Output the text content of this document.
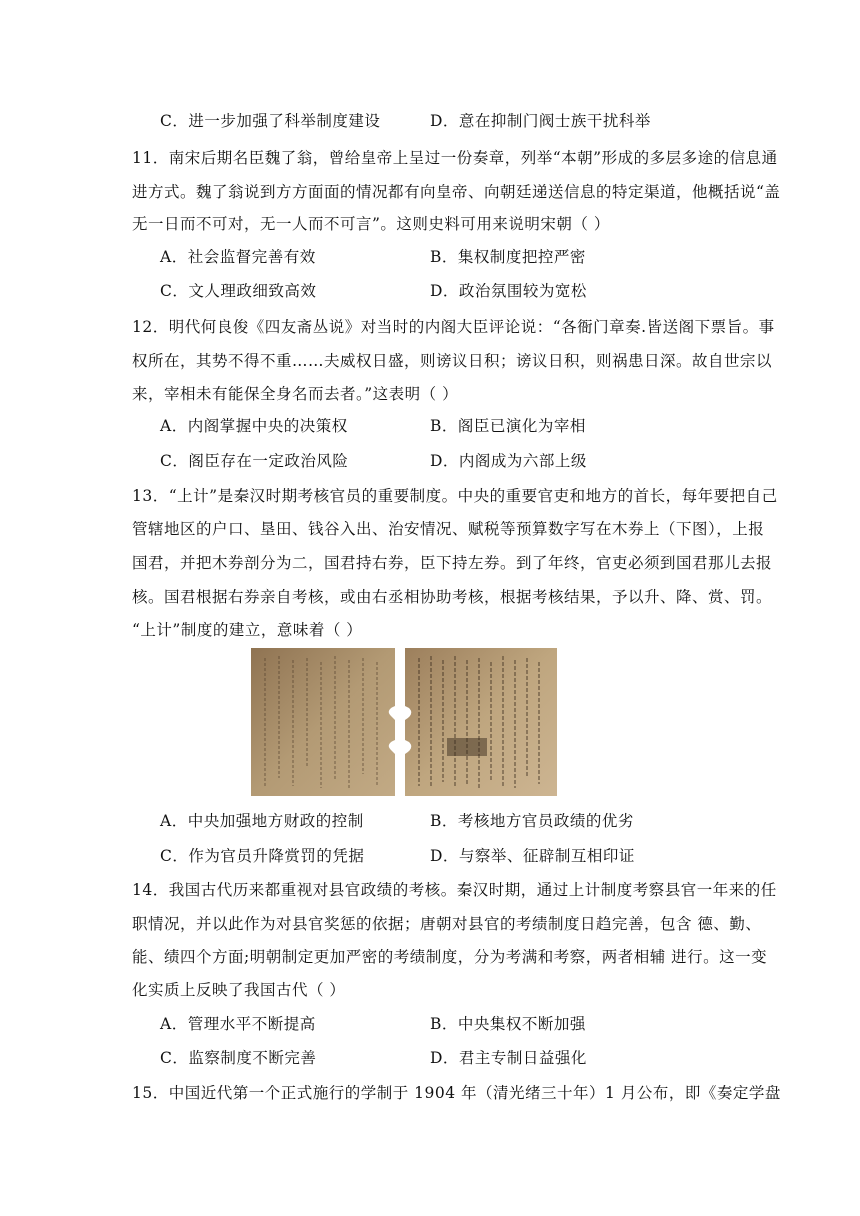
C．进一步加强了科举制度建设	D．意在抑制门阀士族干扰科举
11．南宋后期名臣魏了翁，曾给皇帝上呈过一份奏章，列举“本朝”形成的多层多途的信息通
进方式。魏了翁说到方方面面的情况都有向皇帝、向朝廷递送信息的特定渠道，他概括说“盖
无一日而不可对，无一人而不可言”。这则史料可用来说明宋朝（ ）
A．社会监督完善有效	B．集权制度把控严密
C．文人理政细致高效	D．政治氛围较为宽松
12．明代何良俊《四友斋丛说》对当时的内阁大臣评论说：“各衙门章奏.皆送阁下票旨。事
权所在，其势不得不重……夫威权日盛，则谤议日积；谤议日积，则祸患日深。故自世宗以
来，宰相未有能保全身名而去者。”这表明（ ）
A．内阁掌握中央的决策权	B．阁臣已演化为宰相
C．阁臣存在一定政治风险	D．内阁成为六部上级
13．“上计”是秦汉时期考核官员的重要制度。中央的重要官吏和地方的首长，每年要把自己
管辖地区的户口、垦田、钱谷入出、治安情况、赋税等预算数字写在木券上（下图），上报
国君，并把木券剖分为二，国君持右券，臣下持左券。到了年终，官吏必须到国君那儿去报
核。国君根据右券亲自考核，或由右丞相协助考核，根据考核结果，予以升、降、赏、罚。
“上计”制度的建立，意味着（ ）
A．中央加强地方财政的控制	B．考核地方官员政绩的优劣
C．作为官员升降赏罚的凭据	D．与察举、征辟制互相印证
14．我国古代历来都重视对县官政绩的考核。秦汉时期，通过上计制度考察县官一年来的任
职情况，并以此作为对县官奖惩的依据；唐朝对县官的考绩制度日趋完善，包含 德、勤、
能、绩四个方面;明朝制定更加严密的考绩制度，分为考满和考察，两者相辅 进行。这一变
化实质上反映了我国古代（ ）
A．管理水平不断提高	B．中央集权不断加强
C．监察制度不断完善	D．君主专制日益强化
15．中国近代第一个正式施行的学制于 1904 年（清光绪三十年）1 月公布，即《奏定学盘
